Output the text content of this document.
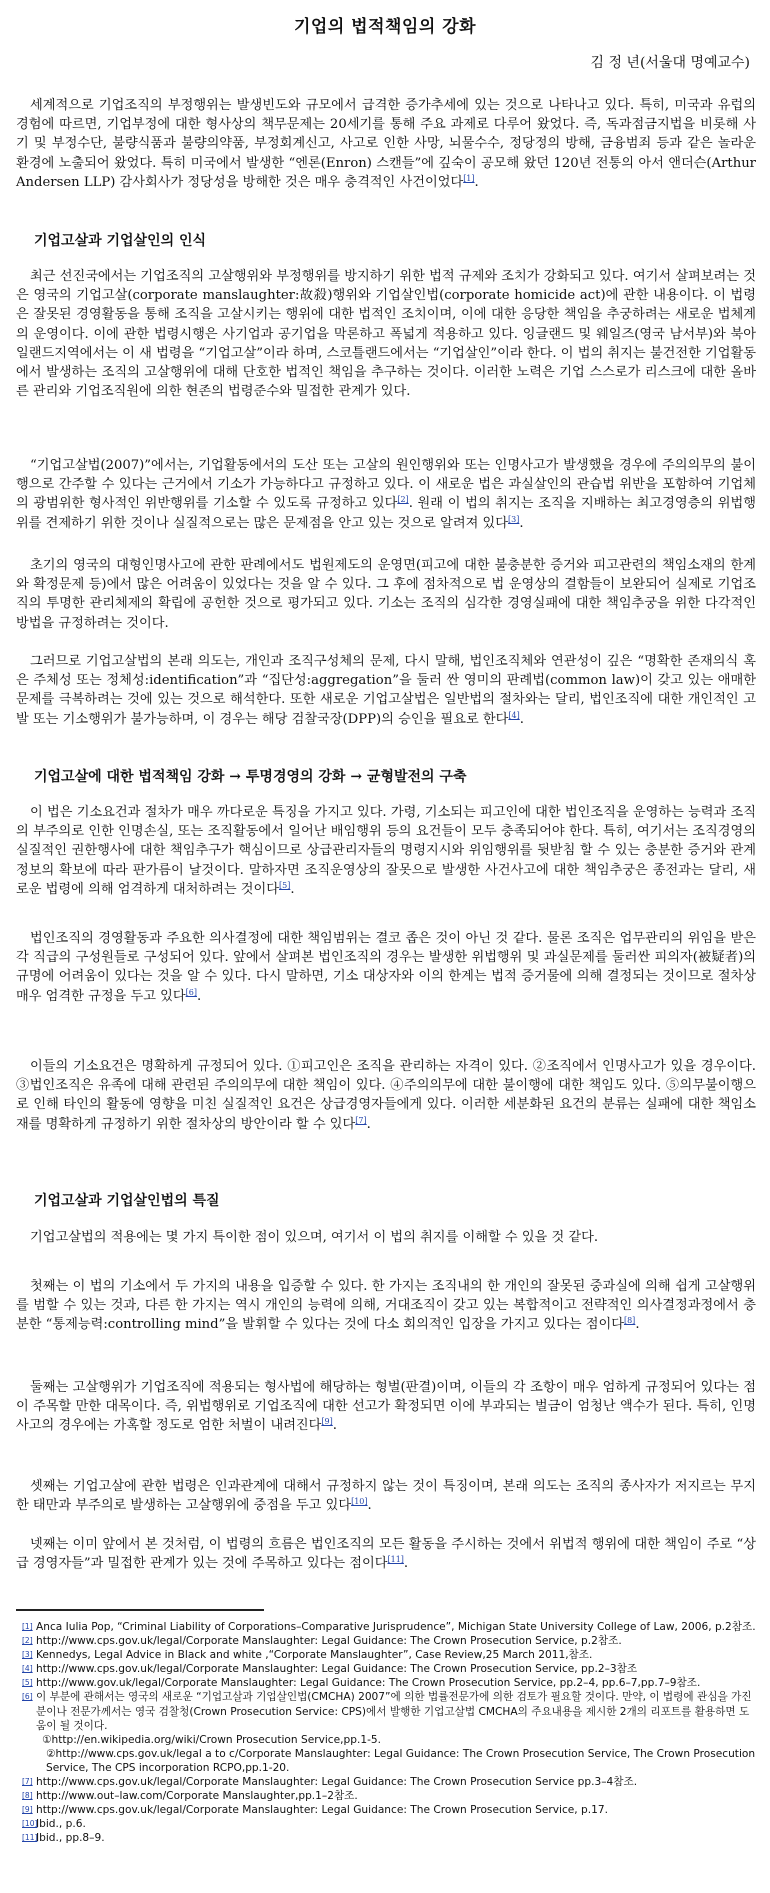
기업의 법적책임의 강화
김 정 년(서울대 명예교수)

세계적으로 기업조직의 부정행위는 발생빈도와 규모에서 급격한 증가추세에 있는 것으로 나타나고 있다. 특히, 미국과 유럽의 경험에 따르면, 기업부정에 대한 형사상의 책무문제는 20세기를 통해 주요 과제로 다루어 왔었다. 즉, 독과점금지법을 비롯해 사기 및 부정수단, 불량식품과 불량의약품, 부정회계신고, 사고로 인한 사망, 뇌물수수, 정당정의 방해, 금융범죄 등과 같은 놀라운 환경에 노출되어 왔었다. 특히 미국에서 발생한 “엔론(Enron) 스캔들”에 깊숙이 공모해 왔던 120년 전통의 아서 앤더슨(Arthur Andersen LLP) 감사회사가 정당성을 방해한 것은 매우 충격적인 사건이었다[1].

기업고살과 기업살인의 인식

최근 선진국에서는 기업조직의 고살행위와 부정행위를 방지하기 위한 법적 규제와 조치가 강화되고 있다. 여기서 살펴보려는 것은 영국의 기업고살(corporate manslaughter:故殺)행위와 기업살인법(corporate homicide act)에 관한 내용이다. 이 법령은 잘못된 경영활동을 통해 조직을 고살시키는 행위에 대한 법적인 조치이며, 이에 대한 응당한 책임을 추궁하려는 새로운 법체계의 운영이다. 이에 관한 법령시행은 사기업과 공기업을 막론하고 폭넓게 적용하고 있다. 잉글랜드 및 웨일즈(영국 남서부)와 북아일랜드지역에서는 이 새 법령을 “기업고살”이라 하며, 스코틀랜드에서는 “기업살인”이라 한다. 이 법의 취지는 불건전한 기업활동에서 발생하는 조직의 고살행위에 대해 단호한 법적인 책임을 추구하는 것이다. 이러한 노력은 기업 스스로가 리스크에 대한 올바른 관리와 기업조직원에 의한 현존의 법령준수와 밀접한 관계가 있다.

“기업고살법(2007)”에서는, 기업활동에서의 도산 또는 고살의 원인행위와 또는 인명사고가 발생했을 경우에 주의의무의 불이행으로 간주할 수 있다는 근거에서 기소가 가능하다고 규정하고 있다. 이 새로운 법은 과실살인의 관습법 위반을 포함하여 기업체의 광범위한 형사적인 위반행위를 기소할 수 있도록 규정하고 있다[2]. 원래 이 법의 취지는 조직을 지배하는 최고경영층의 위법행위를 견제하기 위한 것이나 실질적으로는 많은 문제점을 안고 있는 것으로 알려져 있다[3].

초기의 영국의 대형인명사고에 관한 판례에서도 법원제도의 운영면(피고에 대한 불충분한 증거와 피고관련의 책임소재의 한계와 확정문제 등)에서 많은 어려움이 있었다는 것을 알 수 있다. 그 후에 점차적으로 법 운영상의 결함들이 보완되어 실제로 기업조직의 투명한 관리체제의 확립에 공헌한 것으로 평가되고 있다. 기소는 조직의 심각한 경영실패에 대한 책임추궁을 위한 다각적인 방법을 규정하려는 것이다.

그러므로 기업고살법의 본래 의도는, 개인과 조직구성체의 문제, 다시 말해, 법인조직체와 연관성이 깊은 “명확한 존재의식 혹은 주체성 또는 정체성:identification”과 “집단성:aggregation”을 둘러 싼 영미의 판례법(common law)이 갖고 있는 애매한 문제를 극복하려는 것에 있는 것으로 해석한다. 또한 새로운 기업고살법은 일반법의 절차와는 달리, 법인조직에 대한 개인적인 고발 또는 기소행위가 불가능하며, 이 경우는 해당 검찰국장(DPP)의 승인을 필요로 한다[4].

기업고살에 대한 법적책임 강화 → 투명경영의 강화 → 균형발전의 구축

이 법은 기소요건과 절차가 매우 까다로운 특징을 가지고 있다. 가령, 기소되는 피고인에 대한 법인조직을 운영하는 능력과 조직의 부주의로 인한 인명손실, 또는 조직활동에서 일어난 배임행위 등의 요건들이 모두 충족되어야 한다. 특히, 여기서는 조직경영의 실질적인 권한행사에 대한 책임추구가 핵심이므로 상급관리자들의 명령지시와 위임행위를 뒷받침 할 수 있는 충분한 증거와 관계정보의 확보에 따라 판가름이 날것이다. 말하자면 조직운영상의 잘못으로 발생한 사건사고에 대한 책임추궁은 종전과는 달리, 새로운 법령에 의해 엄격하게 대처하려는 것이다[5].

법인조직의 경영활동과 주요한 의사결정에 대한 책임범위는 결코 좁은 것이 아닌 것 같다. 물론 조직은 업무관리의 위임을 받은 각 직급의 구성원들로 구성되어 있다. 앞에서 살펴본 법인조직의 경우는 발생한 위법행위 및 과실문제를 둘러싼 피의자(被疑者)의 규명에 어려움이 있다는 것을 알 수 있다. 다시 말하면, 기소 대상자와 이의 한계는 법적 증거물에 의해 결정되는 것이므로 절차상 매우 엄격한 규정을 두고 있다[6].

이들의 기소요건은 명확하게 규정되어 있다. ①피고인은 조직을 관리하는 자격이 있다. ②조직에서 인명사고가 있을 경우이다. ③법인조직은 유족에 대해 관련된 주의의무에 대한 책임이 있다. ④주의의무에 대한 불이행에 대한 책임도 있다. ⑤의무불이행으로 인해 타인의 활동에 영향을 미친 실질적인 요건은 상급경영자들에게 있다. 이러한 세분화된 요건의 분류는 실패에 대한 책임소재를 명확하게 규정하기 위한 절차상의 방안이라 할 수 있다[7].

기업고살과 기업살인법의 특질

기업고살법의 적용에는 몇 가지 특이한 점이 있으며, 여기서 이 법의 취지를 이해할 수 있을 것 같다.

첫째는 이 법의 기소에서 두 가지의 내용을 입증할 수 있다. 한 가지는 조직내의 한 개인의 잘못된 중과실에 의해 쉽게 고살행위를 범할 수 있는 것과, 다른 한 가지는 역시 개인의 능력에 의해, 거대조직이 갖고 있는 복합적이고 전략적인 의사결정과정에서 충분한 “통제능력:controlling mind”을 발휘할 수 있다는 것에 다소 회의적인 입장을 가지고 있다는 점이다[8].

둘째는 고살행위가 기업조직에 적용되는 형사법에 해당하는 형벌(판결)이며, 이들의 각 조항이 매우 엄하게 규정되어 있다는 점이 주목할 만한 대목이다. 즉, 위법행위로 기업조직에 대한 선고가 확정되면 이에 부과되는 벌금이 엄청난 액수가 된다. 특히, 인명사고의 경우에는 가혹할 정도로 엄한 처벌이 내려진다[9].

셋째는 기업고살에 관한 법령은 인과관계에 대해서 규정하지 않는 것이 특징이며, 본래 의도는 조직의 종사자가 저지르는 무지한 태만과 부주의로 발생하는 고살행위에 중점을 두고 있다[10].

넷째는 이미 앞에서 본 것처럼, 이 법령의 흐름은 법인조직의 모든 활동을 주시하는 것에서 위법적 행위에 대한 책임이 주로 “상급 경영자들”과 밀접한 관계가 있는 것에 주목하고 있다는 점이다[11].

[1] Anca Iulia Pop, “Criminal Liability of Corporations–Comparative Jurisprudence”, Michigan State University College of Law, 2006, p.2참조.
[2] http://www.cps.gov.uk/legal/Corporate Manslaughter: Legal Guidance: The Crown Prosecution Service, p.2참조.
[3] Kennedys, Legal Advice in Black and white ,“Corporate Manslaughter”, Case Review,25 March 2011,참조.
[4] http://www.cps.gov.uk/legal/Corporate Manslaughter: Legal Guidance: The Crown Prosecution Service, pp.2–3참조
[5] http://www.gov.uk/legal/Corporate Manslaughter: Legal Guidance: The Crown Prosecution Service, pp.2–4, pp.6–7,pp.7–9참조.
[6] 이 부분에 관해서는 영국의 새로운 “기업고살과 기업살인법(CMCHA) 2007”에 의한 법률전문가에 의한 검토가 필요할 것이다. 만약, 이 법령에 관심을 가진 분이나 전문가께서는 영국 검찰청(Crown Prosecution Service: CPS)에서 발행한 기업고살법 CMCHA의 주요내용을 제시한 2개의 리포트를 활용하면 도움이 될 것이다.
①http://en.wikipedia.org/wiki/Crown Prosecution Service,pp.1-5.
②http://www.cps.gov.uk/legal a to c/Corporate Manslaughter: Legal Guidance: The Crown Prosecution Service, The Crown Prosecution Service, The CPS incorporation RCPO,pp.1-20.
[7] http://www.cps.gov.uk/legal/Corporate Manslaughter: Legal Guidance: The Crown Prosecution Service pp.3–4참조.
[8] http://www.out–law.com/Corporate Manslaughter,pp.1–2참조.
[9] http://www.cps.gov.uk/legal/Corporate Manslaughter: Legal Guidance: The Crown Prosecution Service, p.17.
[10]
Ibid., p.6.
[11]
Ibid., pp.8–9.
